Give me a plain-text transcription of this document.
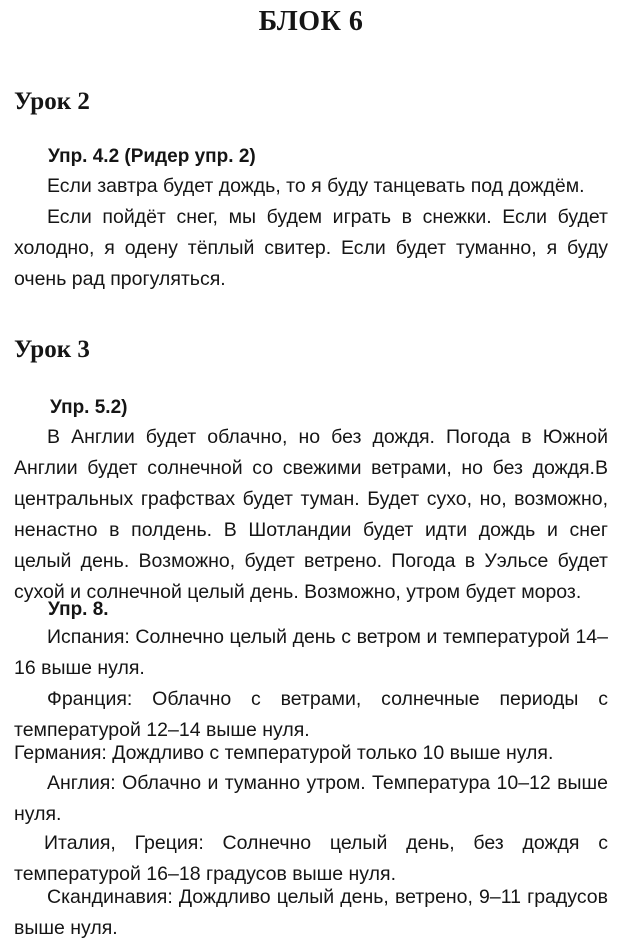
БЛОК 6
Урок 2
Упр. 4.2 (Ридер упр. 2)

Если завтра будет дождь, то я буду танцевать под дождём.

Если пойдёт снег, мы будем играть в снежки. Если будет холодно, я одену тёплый свитер. Если будет туманно, я буду очень рад прогуляться.

Урок 3
Упр. 5.2)

В Англии будет облачно, но без дождя. Погода в Южной Англии будет солнечной со свежими ветрами, но без дождя.В центральных графствах будет туман. Будет сухо, но, возможно, ненастно в полдень. В Шотландии будет идти дождь и снег целый день. Возможно, будет ветрено. Погода в Уэльсе будет сухой и солнечной целый день. Возможно, утром будет мороз.

Упр. 8.

Испания: Солнечно целый день с ветром и температурой 14–16 выше нуля.

Франция: Облачно с ветрами, солнечные периоды с температурой 12–14 выше нуля.

Германия: Дождливо с температурой только 10 выше нуля.

Англия: Облачно и туманно утром. Температура 10–12 выше нуля.

Италия, Греция: Солнечно целый день, без дождя с температурой 16–18 градусов выше нуля.

Скандинавия: Дождливо целый день, ветрено, 9–11 градусов выше нуля.
